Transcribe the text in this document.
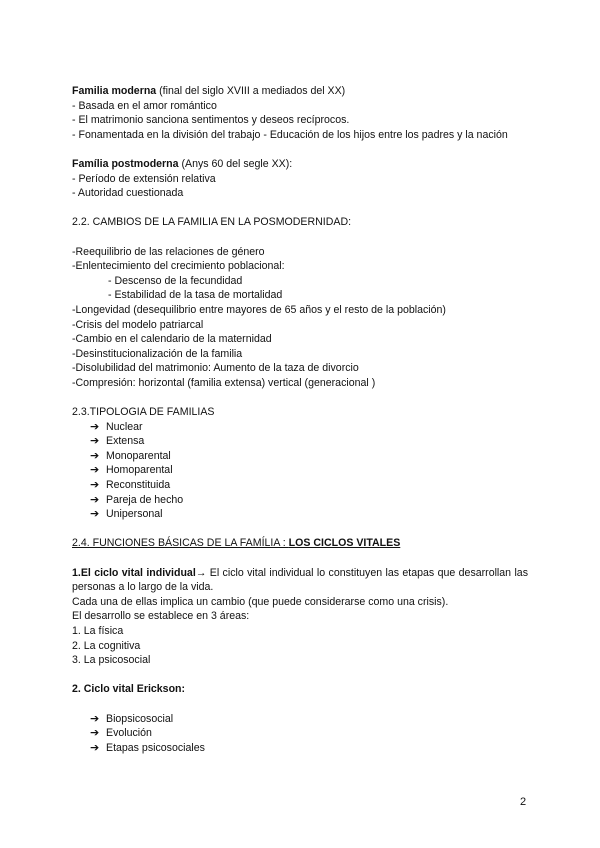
Familia moderna (final del siglo XVIII a mediados del XX)
- Basada en el amor romántico
- El matrimonio sanciona sentimentos y deseos recíprocos.
- Fonamentada en la división del trabajo - Educación de los hijos entre los padres y la nación
Família postmoderna (Anys 60 del segle XX):
- Período de extensión relativa
- Autoridad cuestionada
2.2. CAMBIOS DE LA FAMILIA EN LA POSMODERNIDAD:
-Reequilibrio de las relaciones de género
-Enlentecimiento del crecimiento poblacional:
- Descenso de la fecundidad
- Estabilidad de la tasa de mortalidad
-Longevidad (desequilibrio entre mayores de 65 años y el resto de la población)
-Crisis del modelo patriarcal
-Cambio en el calendario de la maternidad
-Desinstitucionalización de la familia
-Disolubilidad del matrimonio: Aumento de la taza de divorcio
-Compresión: horizontal (familia extensa) vertical (generacional )
2.3.TIPOLOGIA DE FAMILIAS
➔ Nuclear
➔ Extensa
➔ Monoparental
➔ Homoparental
➔ Reconstituida
➔ Pareja de hecho
➔ Unipersonal
2.4. FUNCIONES BÁSICAS DE LA FAMÍLIA : LOS CICLOS VITALES
1.El ciclo vital individual→ El ciclo vital individual lo constituyen las etapas que desarrollan las personas a lo largo de la vida.
Cada una de ellas implica un cambio (que puede considerarse como una crisis).
El desarrollo se establece en 3 áreas:
1. La física
2. La cognitiva
3. La psicosocial
2. Ciclo vital Erickson:
➔ Biopsicosocial
➔ Evolución
➔ Etapas psicosociales
2
